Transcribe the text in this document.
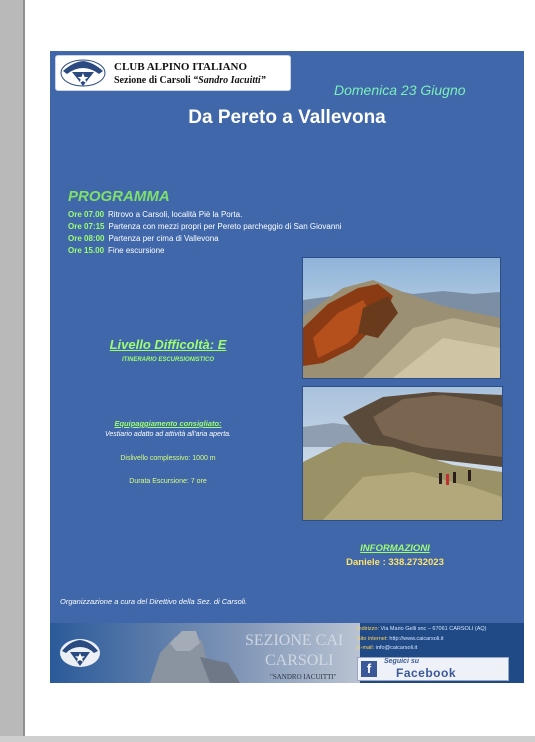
CLUB ALPINO ITALIANO
Sezione di Carsoli “Sandro Iacuitti”
Domenica 23 Giugno
Da Pereto a Vallevona
PROGRAMMA
Ore 07.00 Ritrovo a Carsoli, località Piè la Porta.
Ore 07:15 Partenza con mezzi propri per Pereto parcheggio di San Giovanni
Ore 08:00 Partenza per cima di Vallevona
Ore 15.00 Fine escursione
Livello Difficoltà: E
ITINERARIO ESCURSIONISTICO
Equipaggiamento consigliato:
Vestiario adatto ad attività all'aria aperta.
Dislivello complessivo: 1000 m
Durata Escursione: 7 ore
INFORMAZIONI
Daniele : 338.2732023
Organizzazione a cura del Direttivo della Sez. di Carsoli.
SEZIONE CAI
CARSOLI
"SANDRO IACUITTI"
Indirizzo: Via Mario Gelli snc – 67061 CARSOLI (AQ)
Sito internet: http://www.caicarsoli.it
E-mail: info@caicarsoli.it
f	Seguici su
Facebook
